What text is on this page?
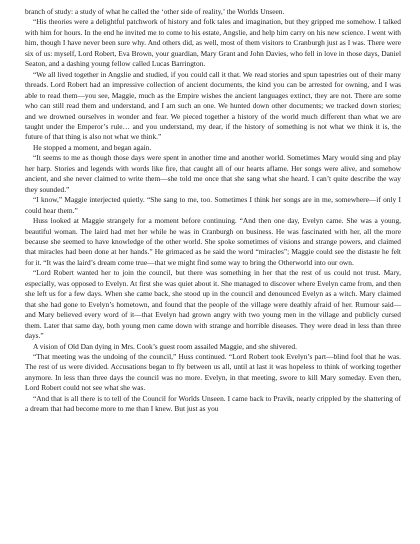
branch of study: a study of what he called the ‘other side of reality,’ the Worlds Unseen.

“His theories were a delightful patchwork of history and folk tales and imagination, but they gripped me somehow. I talked with him for hours. In the end he invited me to come to his estate, Angslie, and help him carry on his new science. I went with him, though I have never been sure why. And others did, as well, most of them visitors to Cranburgh just as I was. There were six of us: myself, Lord Robert, Eva Brown, your guardian, Mary Grant and John Davies, who fell in love in those days, Daniel Seaton, and a dashing young fellow called Lucas Barrington.

“We all lived together in Angslie and studied, if you could call it that. We read stories and spun tapestries out of their many threads. Lord Robert had an impressive collection of ancient documents, the kind you can be arrested for owning, and I was able to read them—you see, Maggie, much as the Empire wishes the ancient languages extinct, they are not. There are some who can still read them and understand, and I am such an one. We hunted down other documents; we tracked down stories; and we drowned ourselves in wonder and fear. We pieced together a history of the world much different than what we are taught under the Emperor’s rule… and you understand, my dear, if the history of something is not what we think it is, the future of that thing is also not what we think.”

He stopped a moment, and began again.

“It seems to me as though those days were spent in another time and another world. Sometimes Mary would sing and play her harp. Stories and legends with words like fire, that caught all of our hearts aflame. Her songs were alive, and somehow ancient, and she never claimed to write them—she told me once that she sang what she heard. I can’t quite describe the way they sounded.”

“I know,” Maggie interjected quietly. “She sang to me, too. Sometimes I think her songs are in me, somewhere—if only I could hear them.”

Huss looked at Maggie strangely for a moment before continuing. “And then one day, Evelyn came. She was a young, beautiful woman. The laird had met her while he was in Cranburgh on business. He was fascinated with her, all the more because she seemed to have knowledge of the other world. She spoke sometimes of visions and strange powers, and claimed that miracles had been done at her hands.” He grimaced as he said the word “miracles”; Maggie could see the distaste he felt for it. “It was the laird’s dream come true—that we might find some way to bring the Otherworld into our own.

“Lord Robert wanted her to join the council, but there was something in her that the rest of us could not trust. Mary, especially, was opposed to Evelyn. At first she was quiet about it. She managed to discover where Evelyn came from, and then she left us for a few days. When she came back, she stood up in the council and denounced Evelyn as a witch. Mary claimed that she had gone to Evelyn’s hometown, and found that the people of the village were deathly afraid of her. Rumour said—and Mary believed every word of it—that Evelyn had grown angry with two young men in the village and publicly cursed them. Later that same day, both young men came down with strange and horrible diseases. They were dead in less than three days.”

A vision of Old Dan dying in Mrs. Cook’s guest room assailed Maggie, and she shivered.

“That meeting was the undoing of the council,” Huss continued. “Lord Robert took Evelyn’s part—blind fool that he was. The rest of us were divided. Accusations began to fly between us all, until at last it was hopeless to think of working together anymore. In less than three days the council was no more. Evelyn, in that meeting, swore to kill Mary someday. Even then, Lord Robert could not see what she was.

“And that is all there is to tell of the Council for Worlds Unseen. I came back to Pravik, nearly crippled by the shattering of a dream that had become more to me than I knew. But just as you
